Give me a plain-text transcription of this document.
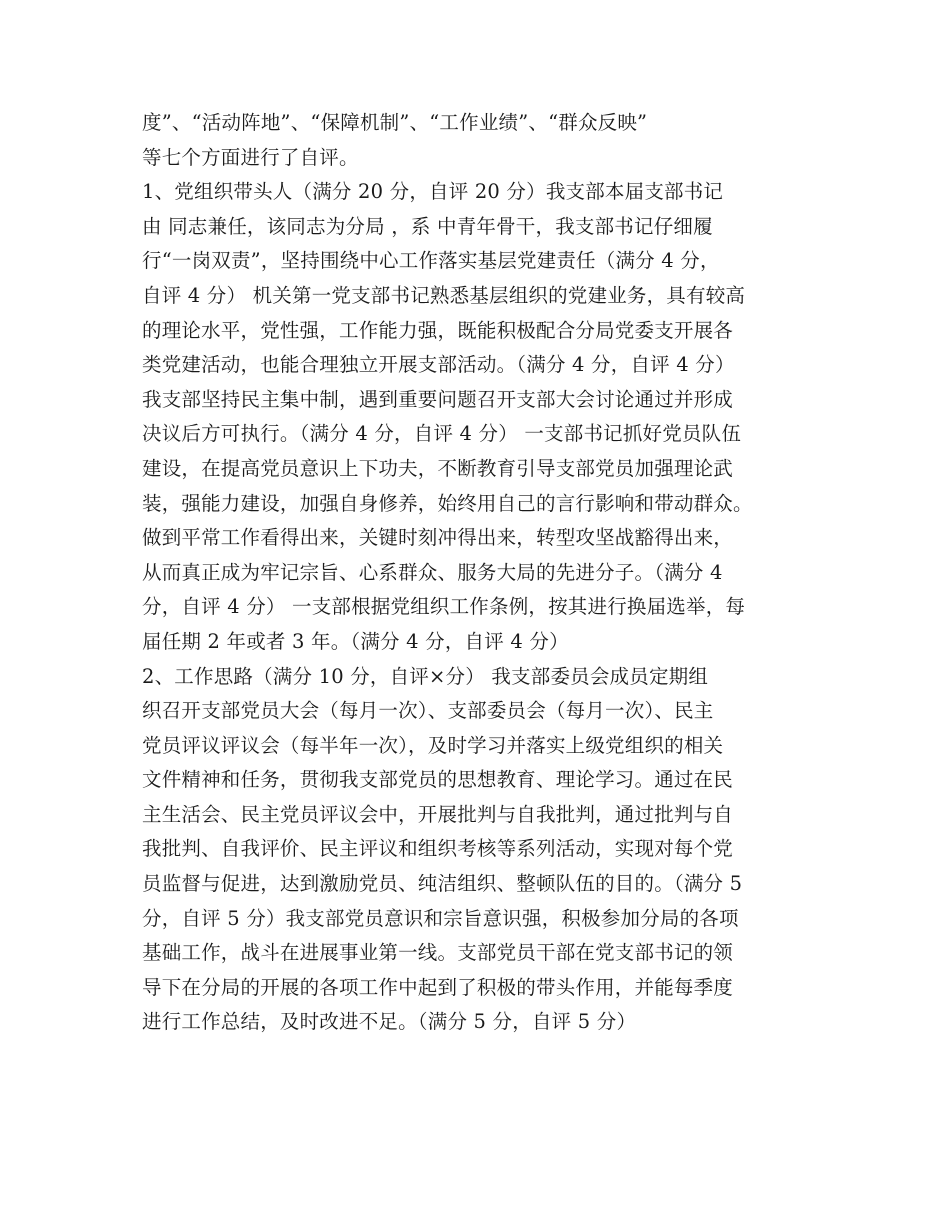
度”、“活动阵地”、“保障机制”、“工作业绩”、“群众反映”
等七个方面进行了自评。
1、党组织带头人（满分 20 分，自评 20 分）我支部本届支部书记
由 同志兼任，该同志为分局 ，系 中青年骨干，我支部书记仔细履
行“一岗双责”，坚持围绕中心工作落实基层党建责任（满分 4 分，
自评 4 分） 机关第一党支部书记熟悉基层组织的党建业务，具有较高
的理论水平，党性强，工作能力强，既能积极配合分局党委支开展各
类党建活动，也能合理独立开展支部活动。（满分 4 分，自评 4 分）
我支部坚持民主集中制，遇到重要问题召开支部大会讨论通过并形成
决议后方可执行。（满分 4 分，自评 4 分） 一支部书记抓好党员队伍
建设，在提高党员意识上下功夫，不断教育引导支部党员加强理论武
装，强能力建设，加强自身修养，始终用自己的言行影响和带动群众。
做到平常工作看得出来，关键时刻冲得出来，转型攻坚战豁得出来，
从而真正成为牢记宗旨、心系群众、服务大局的先进分子。（满分 4
分，自评 4 分） 一支部根据党组织工作条例，按其进行换届选举，每
届任期 2 年或者 3 年。（满分 4 分，自评 4 分）
2、工作思路（满分 10 分，自评×分） 我支部委员会成员定期组
织召开支部党员大会（每月一次）、支部委员会（每月一次）、民主
党员评议评议会（每半年一次），及时学习并落实上级党组织的相关
文件精神和任务，贯彻我支部党员的思想教育、理论学习。通过在民
主生活会、民主党员评议会中，开展批判与自我批判，通过批判与自
我批判、自我评价、民主评议和组织考核等系列活动，实现对每个党
员监督与促进，达到激励党员、纯洁组织、整顿队伍的目的。（满分 5
分，自评 5 分）我支部党员意识和宗旨意识强，积极参加分局的各项
基础工作，战斗在进展事业第一线。支部党员干部在党支部书记的领
导下在分局的开展的各项工作中起到了积极的带头作用，并能每季度
进行工作总结，及时改进不足。（满分 5 分，自评 5 分）
